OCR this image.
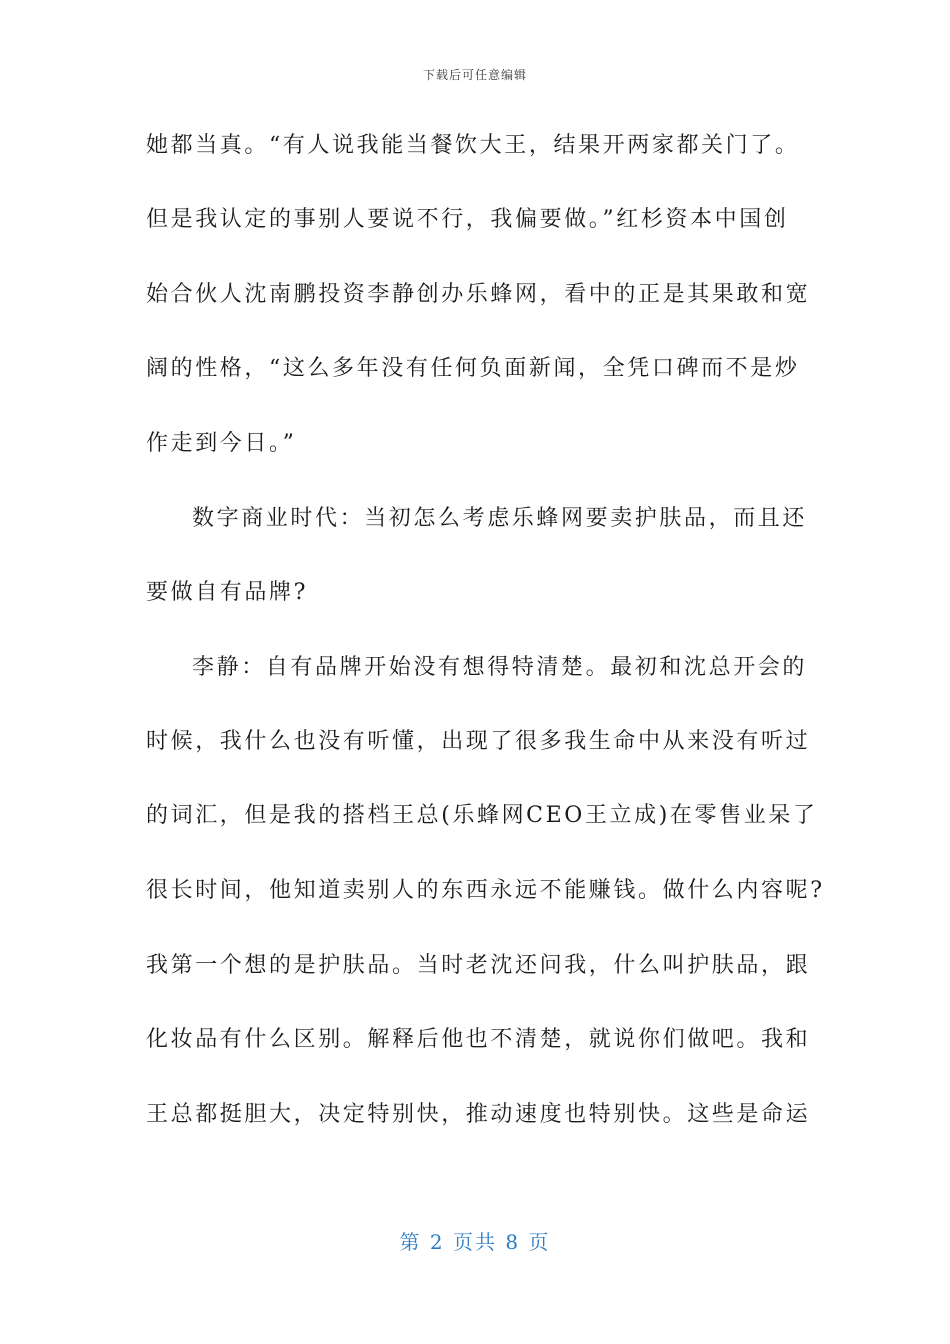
下载后可任意编辑
她都当真。“有人说我能当餐饮大王，结果开两家都关门了。
但是我认定的事别人要说不行，我偏要做。”红杉资本中国创
始合伙人沈南鹏投资李静创办乐蜂网，看中的正是其果敢和宽
阔的性格，“这么多年没有任何负面新闻，全凭口碑而不是炒
作走到今日。”
数字商业时代：当初怎么考虑乐蜂网要卖护肤品，而且还
要做自有品牌?
李静：自有品牌开始没有想得特清楚。最初和沈总开会的
时候，我什么也没有听懂，出现了很多我生命中从来没有听过
的词汇，但是我的搭档王总(乐蜂网CEO王立成)在零售业呆了
很长时间，他知道卖别人的东西永远不能赚钱。做什么内容呢?
我第一个想的是护肤品。当时老沈还问我，什么叫护肤品，跟
化妆品有什么区别。解释后他也不清楚，就说你们做吧。我和
王总都挺胆大，决定特别快，推动速度也特别快。这些是命运
第 2 页共 8 页
